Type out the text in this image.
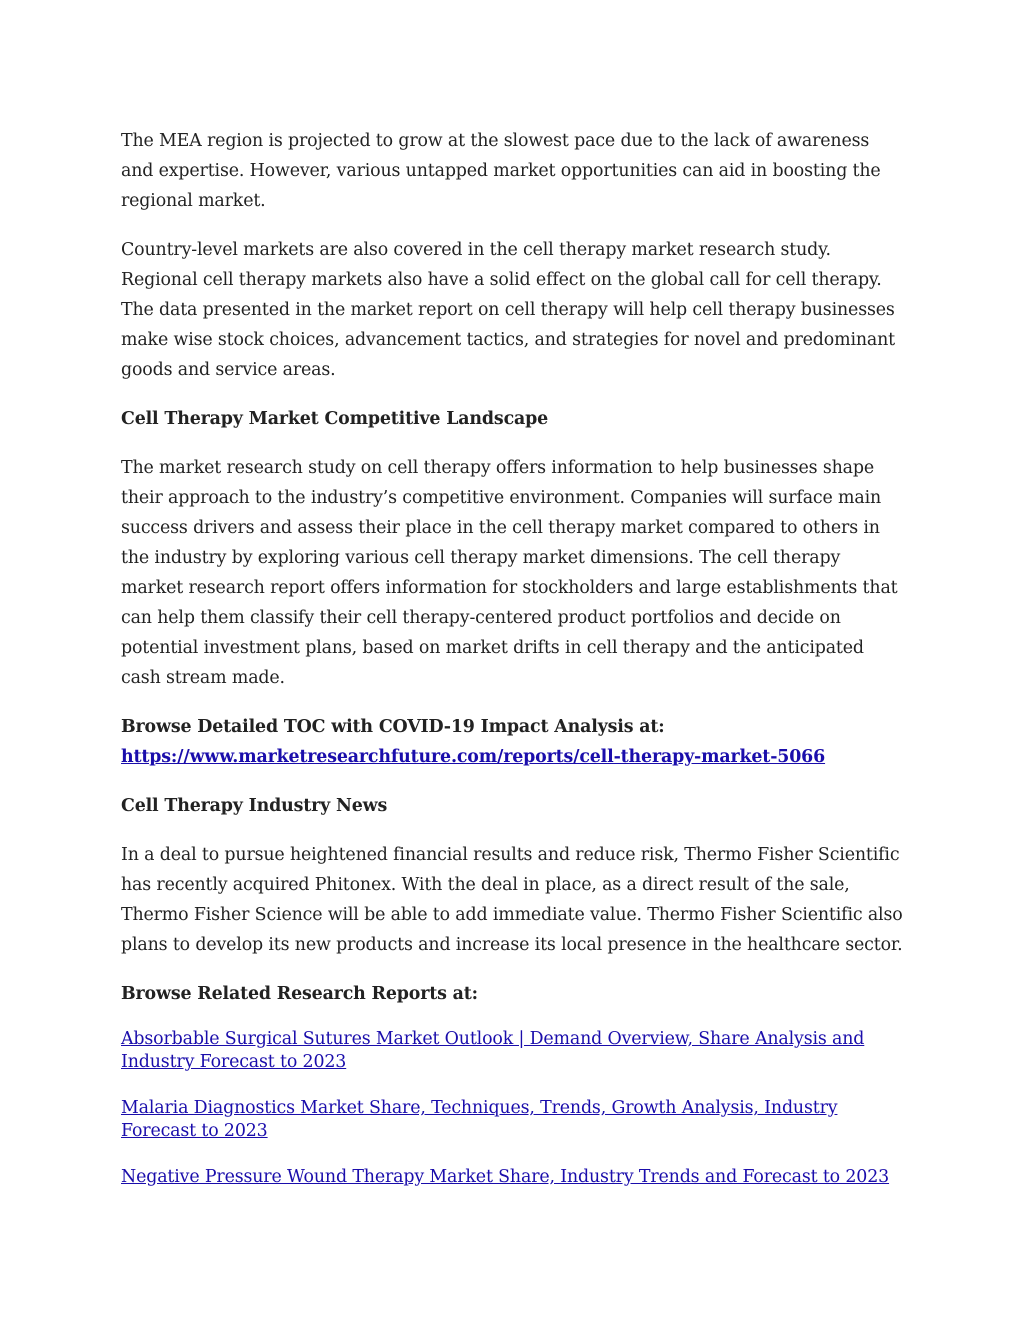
The MEA region is projected to grow at the slowest pace due to the lack of awareness and expertise. However, various untapped market opportunities can aid in boosting the regional market.

Country-level markets are also covered in the cell therapy market research study. Regional cell therapy markets also have a solid effect on the global call for cell therapy. The data presented in the market report on cell therapy will help cell therapy businesses make wise stock choices, advancement tactics, and strategies for novel and predominant goods and service areas.

Cell Therapy Market Competitive Landscape

The market research study on cell therapy offers information to help businesses shape their approach to the industry’s competitive environment. Companies will surface main success drivers and assess their place in the cell therapy market compared to others in the industry by exploring various cell therapy market dimensions. The cell therapy market research report offers information for stockholders and large establishments that can help them classify their cell therapy-centered product portfolios and decide on potential investment plans, based on market drifts in cell therapy and the anticipated cash stream made.

Browse Detailed TOC with COVID-19 Impact Analysis at:
https://www.marketresearchfuture.com/reports/cell-therapy-market-5066

Cell Therapy Industry News

In a deal to pursue heightened financial results and reduce risk, Thermo Fisher Scientific has recently acquired Phitonex. With the deal in place, as a direct result of the sale, Thermo Fisher Science will be able to add immediate value. Thermo Fisher Scientific also plans to develop its new products and increase its local presence in the healthcare sector.

Browse Related Research Reports at:

Absorbable Surgical Sutures Market Outlook | Demand Overview, Share Analysis and Industry Forecast to 2023
Malaria Diagnostics Market Share, Techniques, Trends, Growth Analysis, Industry Forecast to 2023
Negative Pressure Wound Therapy Market Share, Industry Trends and Forecast to 2023
